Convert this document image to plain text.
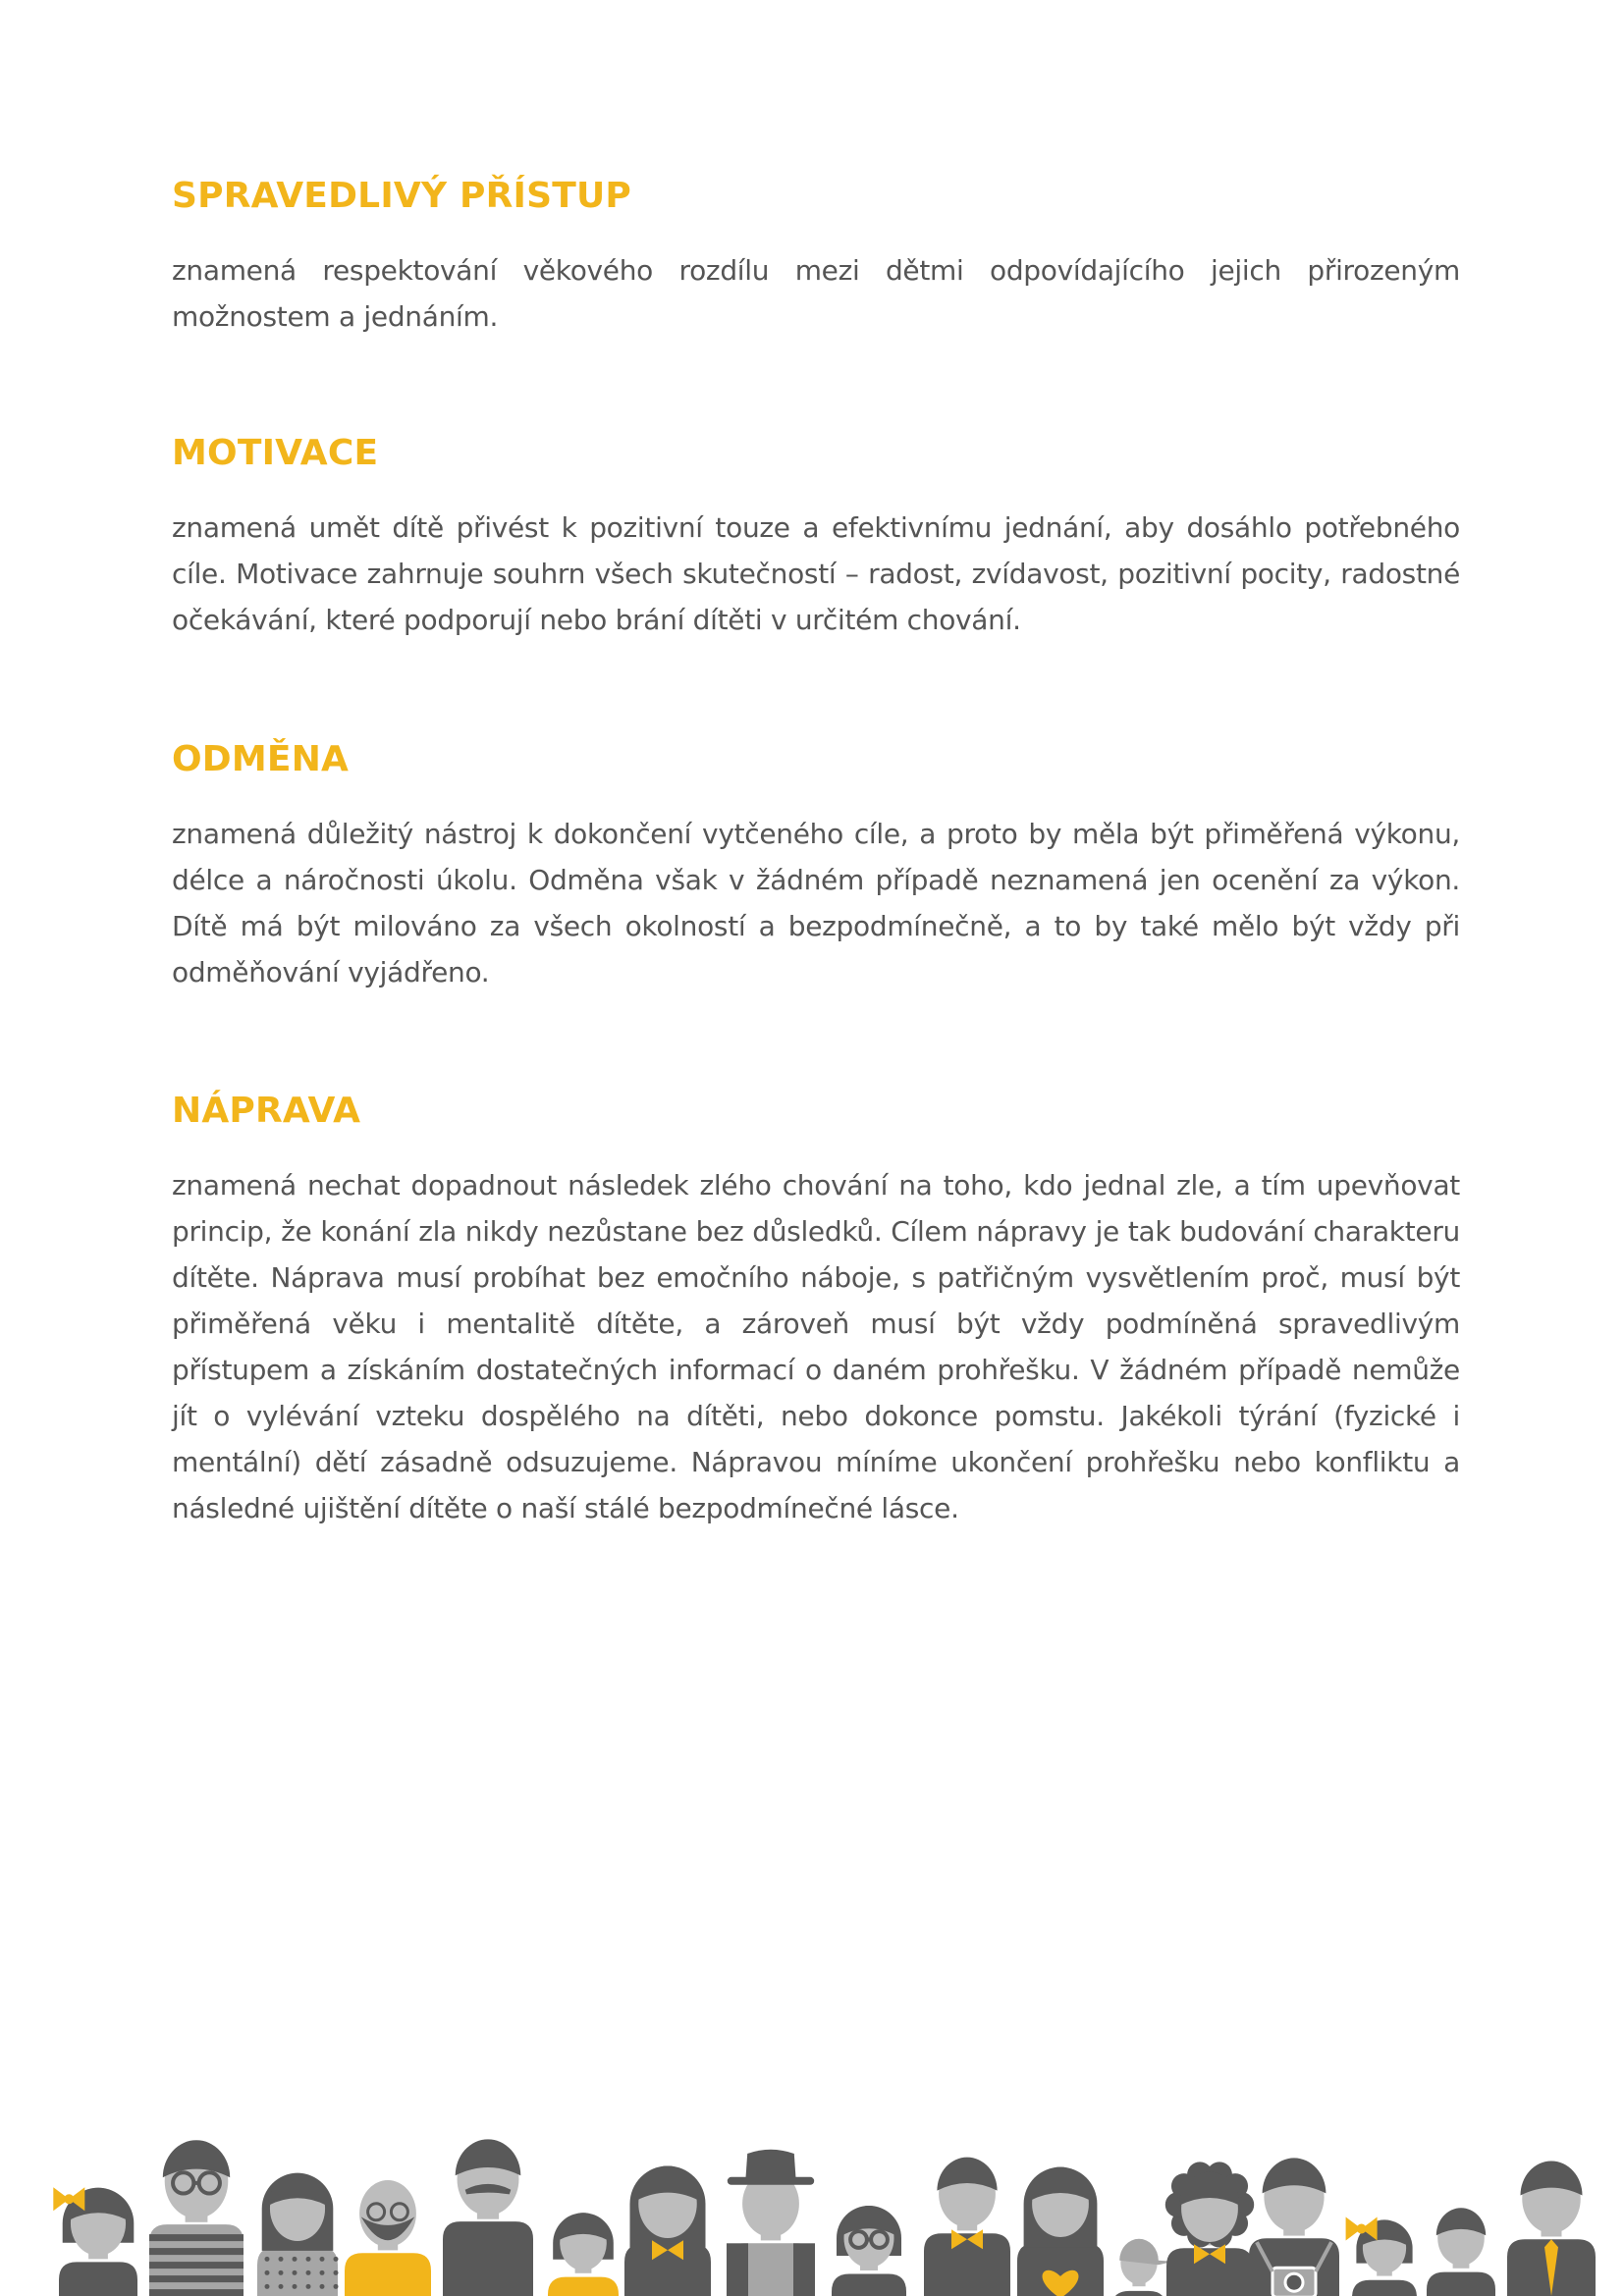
SPRAVEDLIVÝ PŘÍSTUP

znamená respektování věkového rozdílu mezi dětmi odpovídajícího jejich přirozeným možnostem a jednáním.

MOTIVACE

znamená umět dítě přivést k pozitivní touze a efektivnímu jednání, aby dosáhlo potřebného cíle. Motivace zahrnuje souhrn všech skutečností – radost, zvídavost, pozitivní pocity, radostné očekávání, které podporují nebo brání dítěti v určitém chování.

ODMĚNA

znamená důležitý nástroj k dokončení vytčeného cíle, a proto by měla být přiměřená výkonu, délce a náročnosti úkolu. Odměna však v žádném případě neznamená jen ocenění za výkon. Dítě má být milováno za všech okolností a bezpodmínečně, a to by také mělo být vždy při odměňování vyjádřeno.

NÁPRAVA

znamená nechat dopadnout následek zlého chování na toho, kdo jednal zle, a tím upevňovat princip, že konání zla nikdy nezůstane bez důsledků. Cílem nápravy je tak budování charakteru dítěte. Náprava musí probíhat bez emočního náboje, s patřičným vysvětlením proč, musí být přiměřená věku i mentalitě dítěte, a zároveň musí být vždy podmíněná spravedlivým přístupem a získáním dostatečných informací o daném prohřešku. V žádném případě nemůže jít o vylévání vzteku dospělého na dítěti, nebo dokonce pomstu. Jakékoli týrání (fyzické i mentální) dětí zásadně odsuzujeme. Nápravou míníme ukončení prohřešku nebo konfliktu a následné ujištění dítěte o naší stálé bezpodmínečné lásce.
